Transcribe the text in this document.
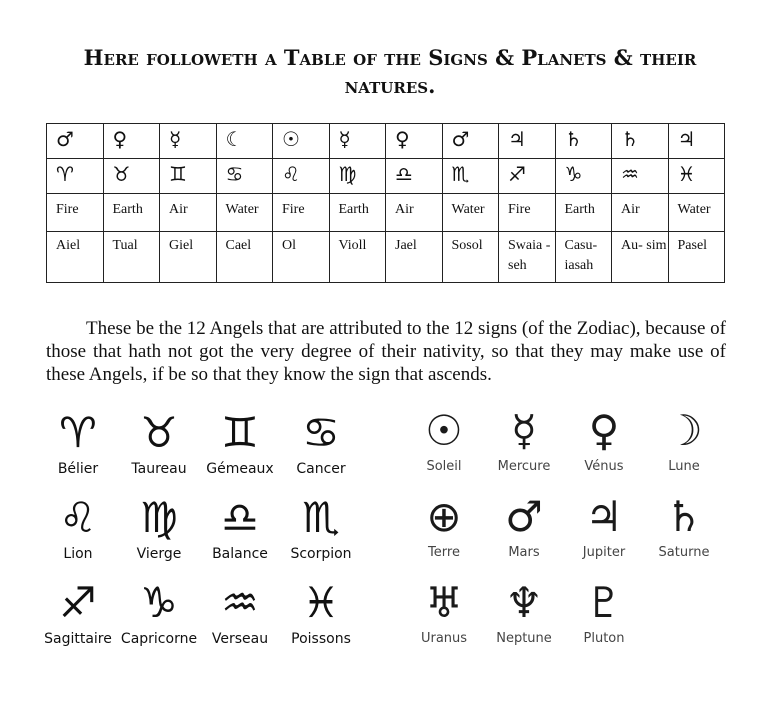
Here followeth a Table of the Signs & Planets & their natures.
♂	♀	☿	☾	☉	☿	♀	♂	♃	♄	♄	♃
♈	♉	♊	♋	♌	♍	♎	♏	♐	♑	♒	♓
Fire	Earth	Air	Water	Fire	Earth	Air	Water	Fire	Earth	Air	Water
Aiel	Tual	Giel	Cael	Ol	Violl	Jael	Sosol	Swaia -seh	Casu- iasah	Au- sim	Pasel

These be the 12 Angels that are attributed to the 12 signs (of the Zodiac), because of those that hath not got the very degree of their nativity, so that they may make use of these Angels, if be so that they know the sign that ascends.

♈
Bélier
♉
Taureau
♊
Gémeaux
♋
Cancer
♌
Lion
♍
Vierge
♎
Balance
♏
Scorpion
♐
Sagittaire
♑
Capricorne
♒
Verseau
♓
Poissons
☉
Soleil
☿
Mercure
♀
Vénus
☽
Lune
⊕
Terre
♂
Mars
♃
Jupiter
♄
Saturne
♅
Uranus
♆
Neptune
♇
Pluton
